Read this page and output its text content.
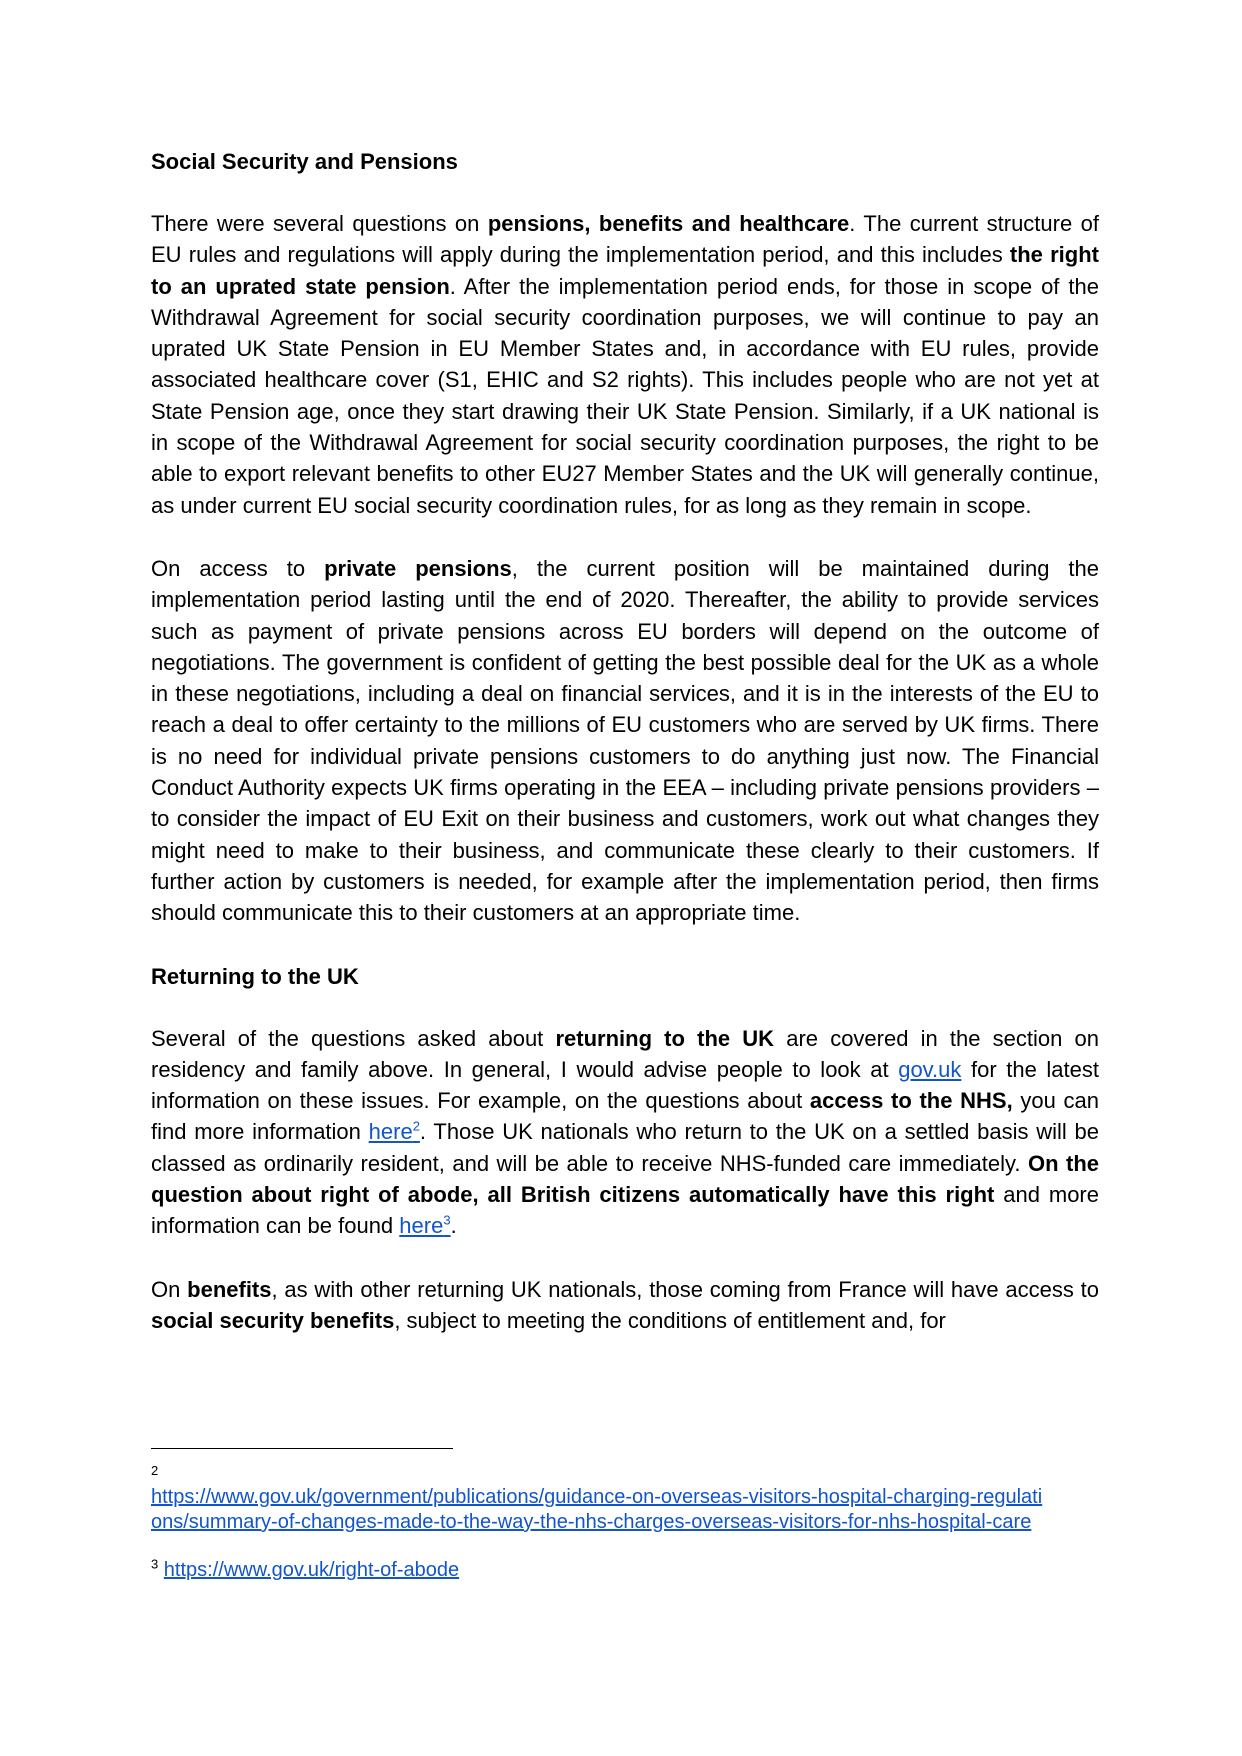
Social Security and Pensions

There were several questions on pensions, benefits and healthcare. The current structure of EU rules and regulations will apply during the implementation period, and this includes the right to an uprated state pension. After the implementation period ends, for those in scope of the Withdrawal Agreement for social security coordination purposes, we will continue to pay an uprated UK State Pension in EU Member States and, in accordance with EU rules, provide associated healthcare cover (S1, EHIC and S2 rights). This includes people who are not yet at State Pension age, once they start drawing their UK State Pension. Similarly, if a UK national is in scope of the Withdrawal Agreement for social security coordination purposes, the right to be able to export relevant benefits to other EU27 Member States and the UK will generally continue, as under current EU social security coordination rules, for as long as they remain in scope.

On access to private pensions, the current position will be maintained during the implementation period lasting until the end of 2020. Thereafter, the ability to provide services such as payment of private pensions across EU borders will depend on the outcome of negotiations. The government is confident of getting the best possible deal for the UK as a whole in these negotiations, including a deal on financial services, and it is in the interests of the EU to reach a deal to offer certainty to the millions of EU customers who are served by UK firms. There is no need for individual private pensions customers to do anything just now. The Financial Conduct Authority expects UK firms operating in the EEA – including private pensions providers – to consider the impact of EU Exit on their business and customers, work out what changes they might need to make to their business, and communicate these clearly to their customers. If further action by customers is needed, for example after the implementation period, then firms should communicate this to their customers at an appropriate time.

Returning to the UK

Several of the questions asked about returning to the UK are covered in the section on residency and family above. In general, I would advise people to look at gov.uk for the latest information on these issues. For example, on the questions about access to the NHS, you can find more information here$^2$. Those UK nationals who return to the UK on a settled basis will be classed as ordinarily resident, and will be able to receive NHS-funded care immediately. On the question about right of abode, all British citizens automatically have this right and more information can be found here$^3$.

On benefits, as with other returning UK nationals, those coming from France will have access to social security benefits, subject to meeting the conditions of entitlement and, for

2

https://www.gov.uk/government/publications/guidance-on-overseas-visitors-hospital-charging-regulati
ons/summary-of-changes-made-to-the-way-the-nhs-charges-overseas-visitors-for-nhs-hospital-care

$^3$ https://www.gov.uk/right-of-abode
